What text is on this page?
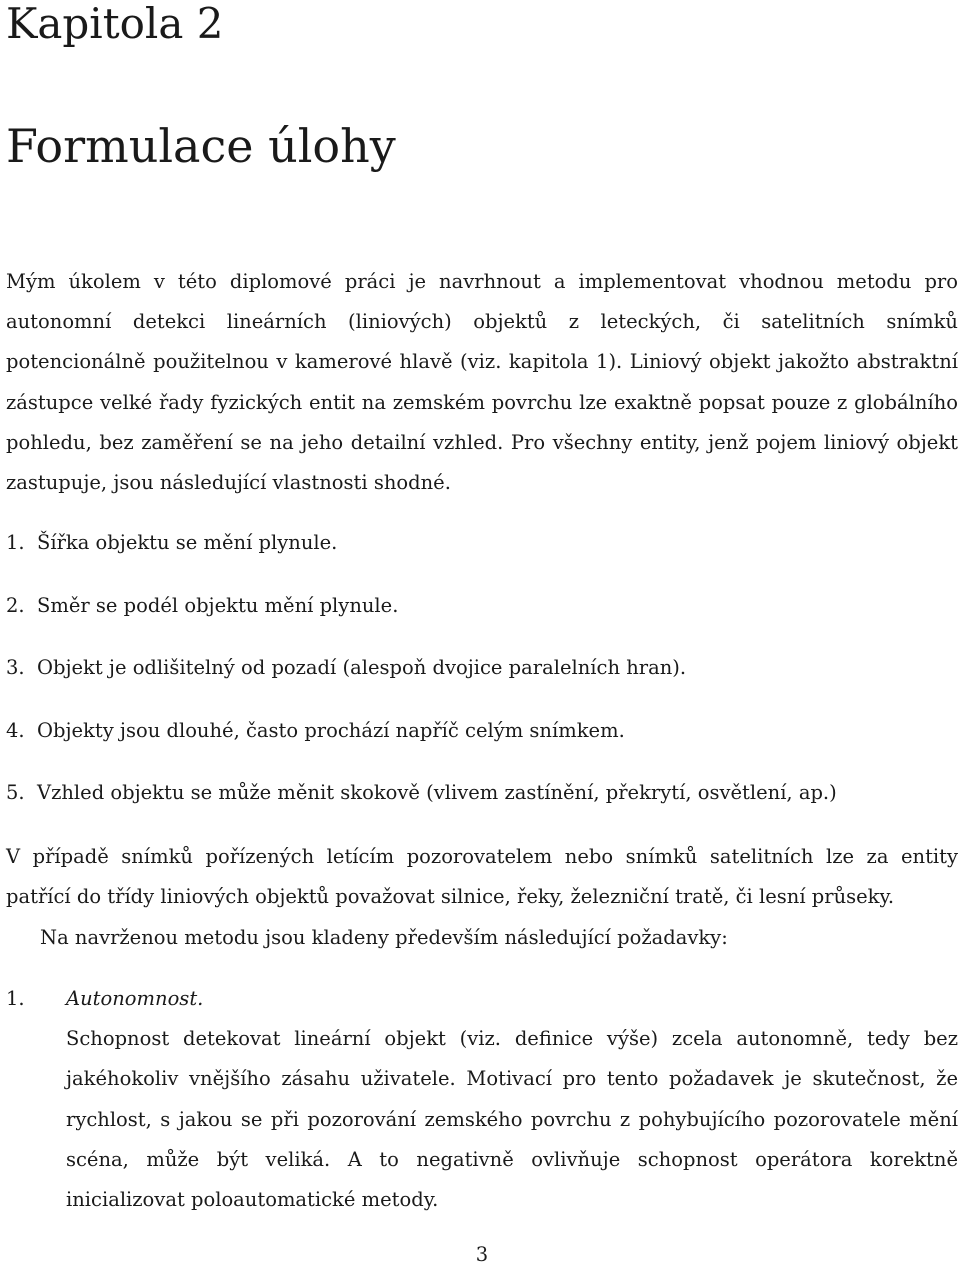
Kapitola 2
Formulace úlohy

Mým úkolem v této diplomové práci je navrhnout a implementovat vhodnou metodu pro autonomní detekci lineárních (liniových) objektů z leteckých, či satelitních snímků potencionálně použitelnou v kamerové hlavě (viz. kapitola 1). Liniový objekt jakožto abstraktní zástupce velké řady fyzických entit na zemském povrchu lze exaktně popsat pouze z globálního pohledu, bez zaměření se na jeho detailní vzhled. Pro všechny entity, jenž pojem liniový objekt zastupuje, jsou následující vlastnosti shodné.

1. Šířka objektu se mění plynule.
2. Směr se podél objektu mění plynule.
3. Objekt je odlišitelný od pozadí (alespoň dvojice paralelních hran).
4. Objekty jsou dlouhé, často prochází napříč celým snímkem.
5. Vzhled objektu se může měnit skokově (vlivem zastínění, překrytí, osvětlení, ap.)

V případě snímků pořízených letícím pozorovatelem nebo snímků satelitních lze za entity patřící do třídy liniových objektů považovat silnice, řeky, železniční tratě, či lesní průseky.

Na navrženou metodu jsou kladeny především následující požadavky:

1.	Autonomnost.
Schopnost detekovat lineární objekt (viz. definice výše) zcela autonomně, tedy bez jakéhokoliv vnějšího zásahu uživatele. Motivací pro tento požadavek je skutečnost, že rychlost, s jakou se při pozorování zemského povrchu z pohybujícího pozorovatele mění scéna, může být veliká. A to negativně ovlivňuje schopnost operátora korektně inicializovat poloautomatické metody.
3
